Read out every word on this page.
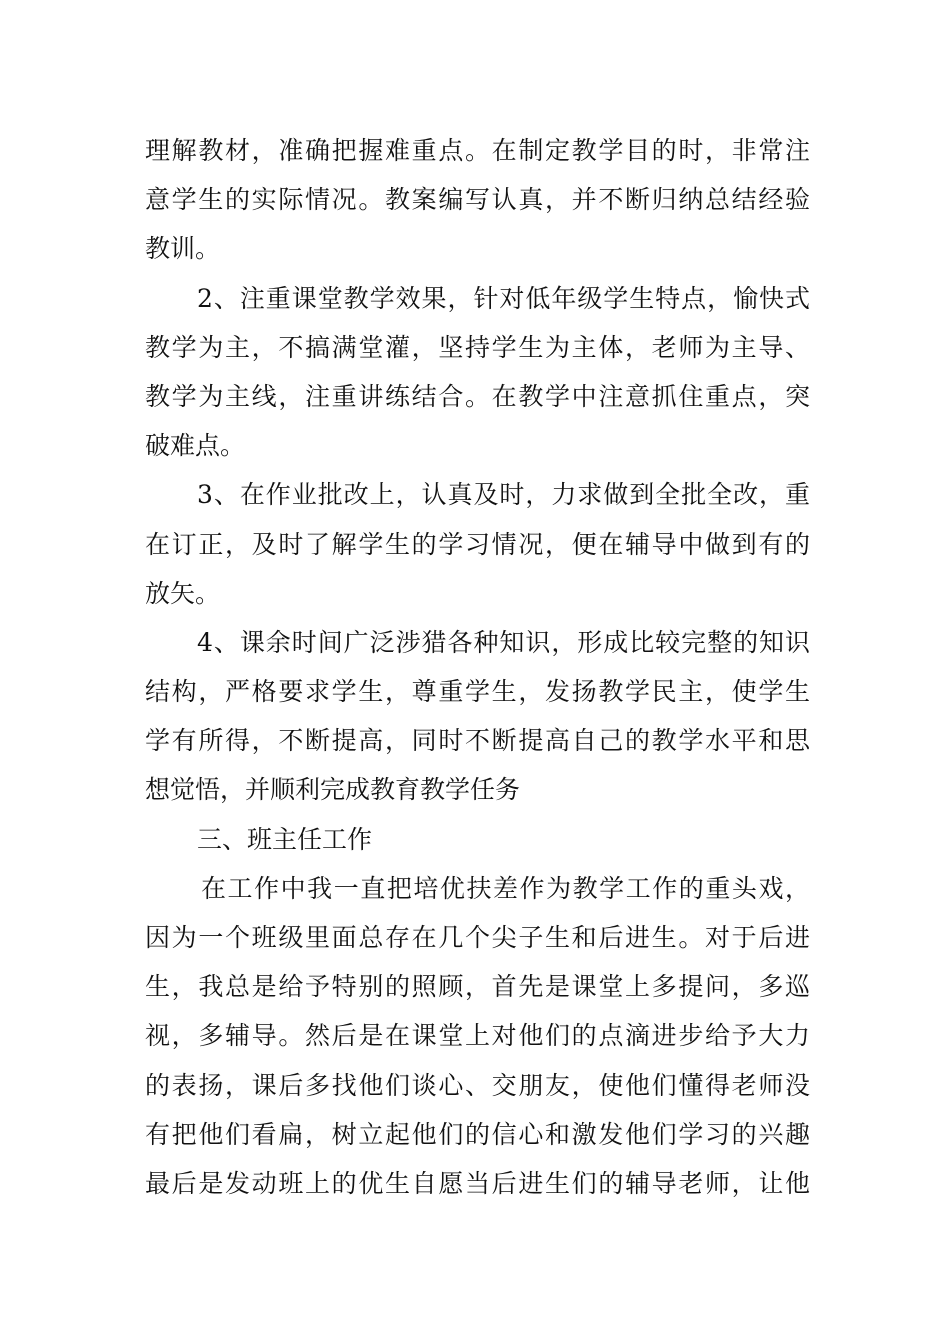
理解教材，准确把握难重点。在制定教学目的时，非常注
意学生的实际情况。教案编写认真，并不断归纳总结经验
教训。
2、注重课堂教学效果，针对低年级学生特点，愉快式
教学为主，不搞满堂灌，坚持学生为主体，老师为主导、
教学为主线，注重讲练结合。在教学中注意抓住重点，突
破难点。
3、在作业批改上，认真及时，力求做到全批全改，重
在订正，及时了解学生的学习情况，便在辅导中做到有的
放矢。
4、课余时间广泛涉猎各种知识，形成比较完整的知识
结构，严格要求学生，尊重学生，发扬教学民主，使学生
学有所得，不断提高，同时不断提高自己的教学水平和思
想觉悟，并顺利完成教育教学任务
三、班主任工作
在工作中我一直把培优扶差作为教学工作的重头戏，
因为一个班级里面总存在几个尖子生和后进生。对于后进
生，我总是给予特别的照顾，首先是课堂上多提问，多巡
视，多辅导。然后是在课堂上对他们的点滴进步给予大力
的表扬，课后多找他们谈心、交朋友，使他们懂得老师没
有把他们看扁，树立起他们的信心和激发他们学习的兴趣
最后是发动班上的优生自愿当后进生们的辅导老师，让他
